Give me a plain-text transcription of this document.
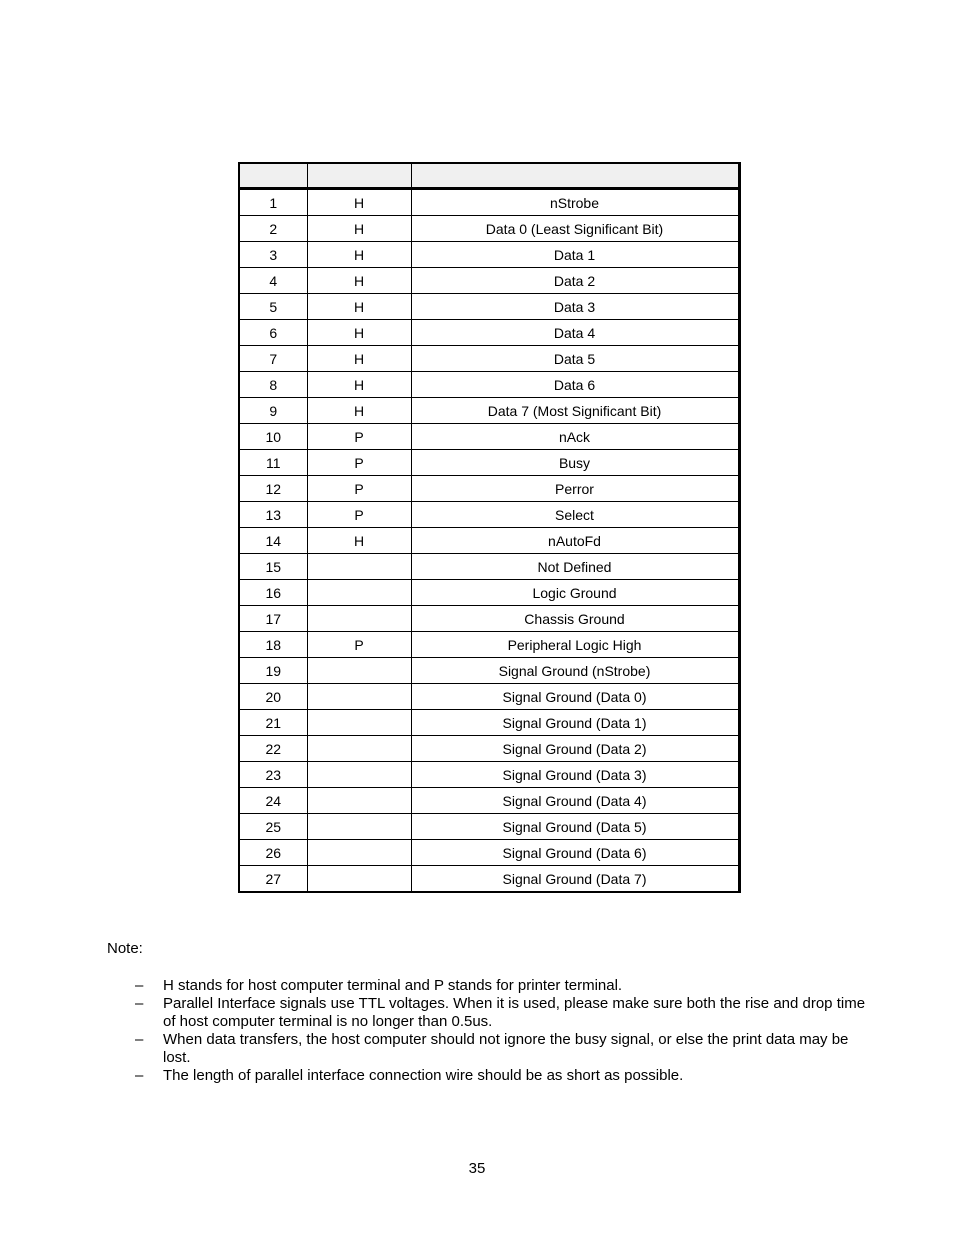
1	H	nStrobe
2	H	Data 0 (Least Significant Bit)
3	H	Data 1
4	H	Data 2
5	H	Data 3
6	H	Data 4
7	H	Data 5
8	H	Data 6
9	H	Data 7 (Most Significant Bit)
10	P	nAck
11	P	Busy
12	P	Perror
13	P	Select
14	H	nAutoFd
15		Not Defined
16		Logic Ground
17		Chassis Ground
18	P	Peripheral Logic High
19		Signal Ground (nStrobe)
20		Signal Ground (Data 0)
21		Signal Ground (Data 1)
22		Signal Ground (Data 2)
23		Signal Ground (Data 3)
24		Signal Ground (Data 4)
25		Signal Ground (Data 5)
26		Signal Ground (Data 6)
27		Signal Ground (Data 7)
Note:
– H stands for host computer terminal and P stands for printer terminal.
– Parallel Interface signals use TTL voltages. When it is used, please make sure both the rise and drop time of host computer terminal is no longer than 0.5us.
– When data transfers, the host computer should not ignore the busy signal, or else the print data may be lost.
– The length of parallel interface connection wire should be as short as possible.
35
